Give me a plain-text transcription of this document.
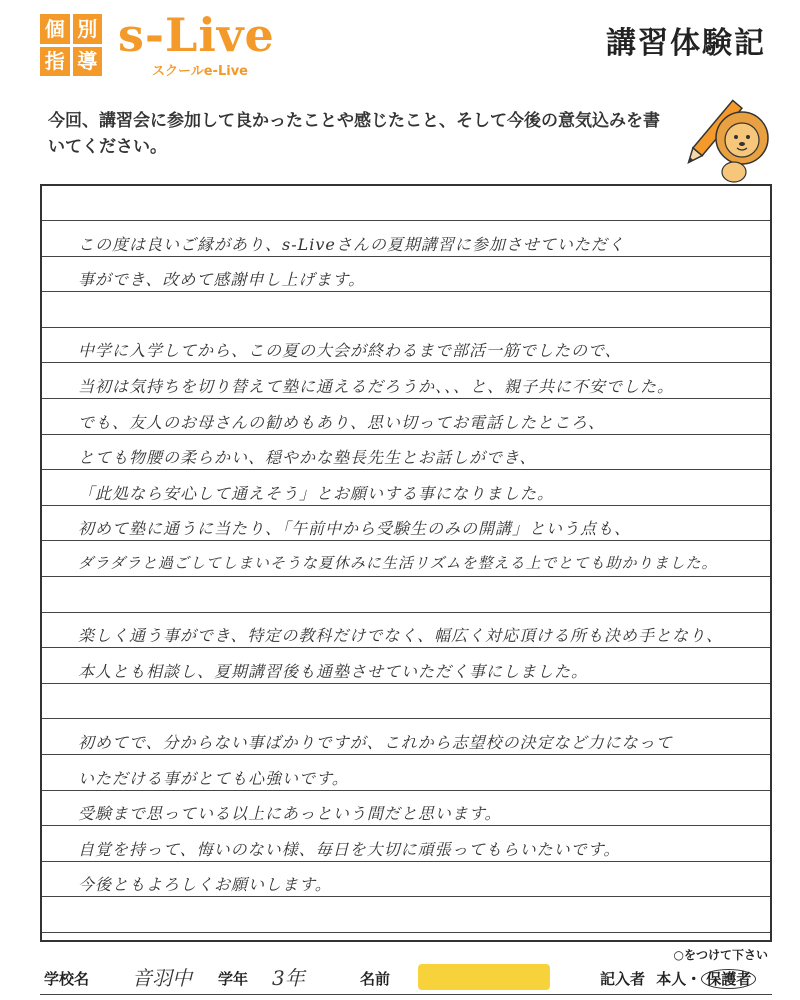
個 別
指 導 s-Live
スクールe-Live
講習体験記
今回、講習会に参加して良かったことや感じたこと、そして今後の意気込みを書いてください。
この度は良いご縁があり、s-Liveさんの夏期講習に参加させていただく
事ができ、改めて感謝申し上げます。
中学に入学してから、この夏の大会が終わるまで部活一筋でしたので、
当初は気持ちを切り替えて塾に通えるだろうか、、、と、親子共に不安でした。
でも、友人のお母さんの勧めもあり、思い切ってお電話したところ、
とても物腰の柔らかい、穏やかな塾長先生とお話しができ、
「此処なら安心して通えそう」とお願いする事になりました。
初めて塾に通うに当たり、「午前中から受験生のみの開講」という点も、
ダラダラと過ごしてしまいそうな夏休みに生活リズムを整える上でとても助かりました。
楽しく通う事ができ、特定の教科だけでなく、幅広く対応頂ける所も決め手となり、
本人とも相談し、夏期講習後も通塾させていただく事にしました。
初めてで、分からない事ばかりですが、これから志望校の決定など力になって
いただける事がとても心強いです。
受験まで思っている以上にあっという間だと思います。
自覚を持って、悔いのない様、毎日を大切に頑張ってもらいたいです。
今後ともよろしくお願いします。
○をつけて下さい
学校名 音羽中 学年 3年	名前	記入者 本人・ 保護者
